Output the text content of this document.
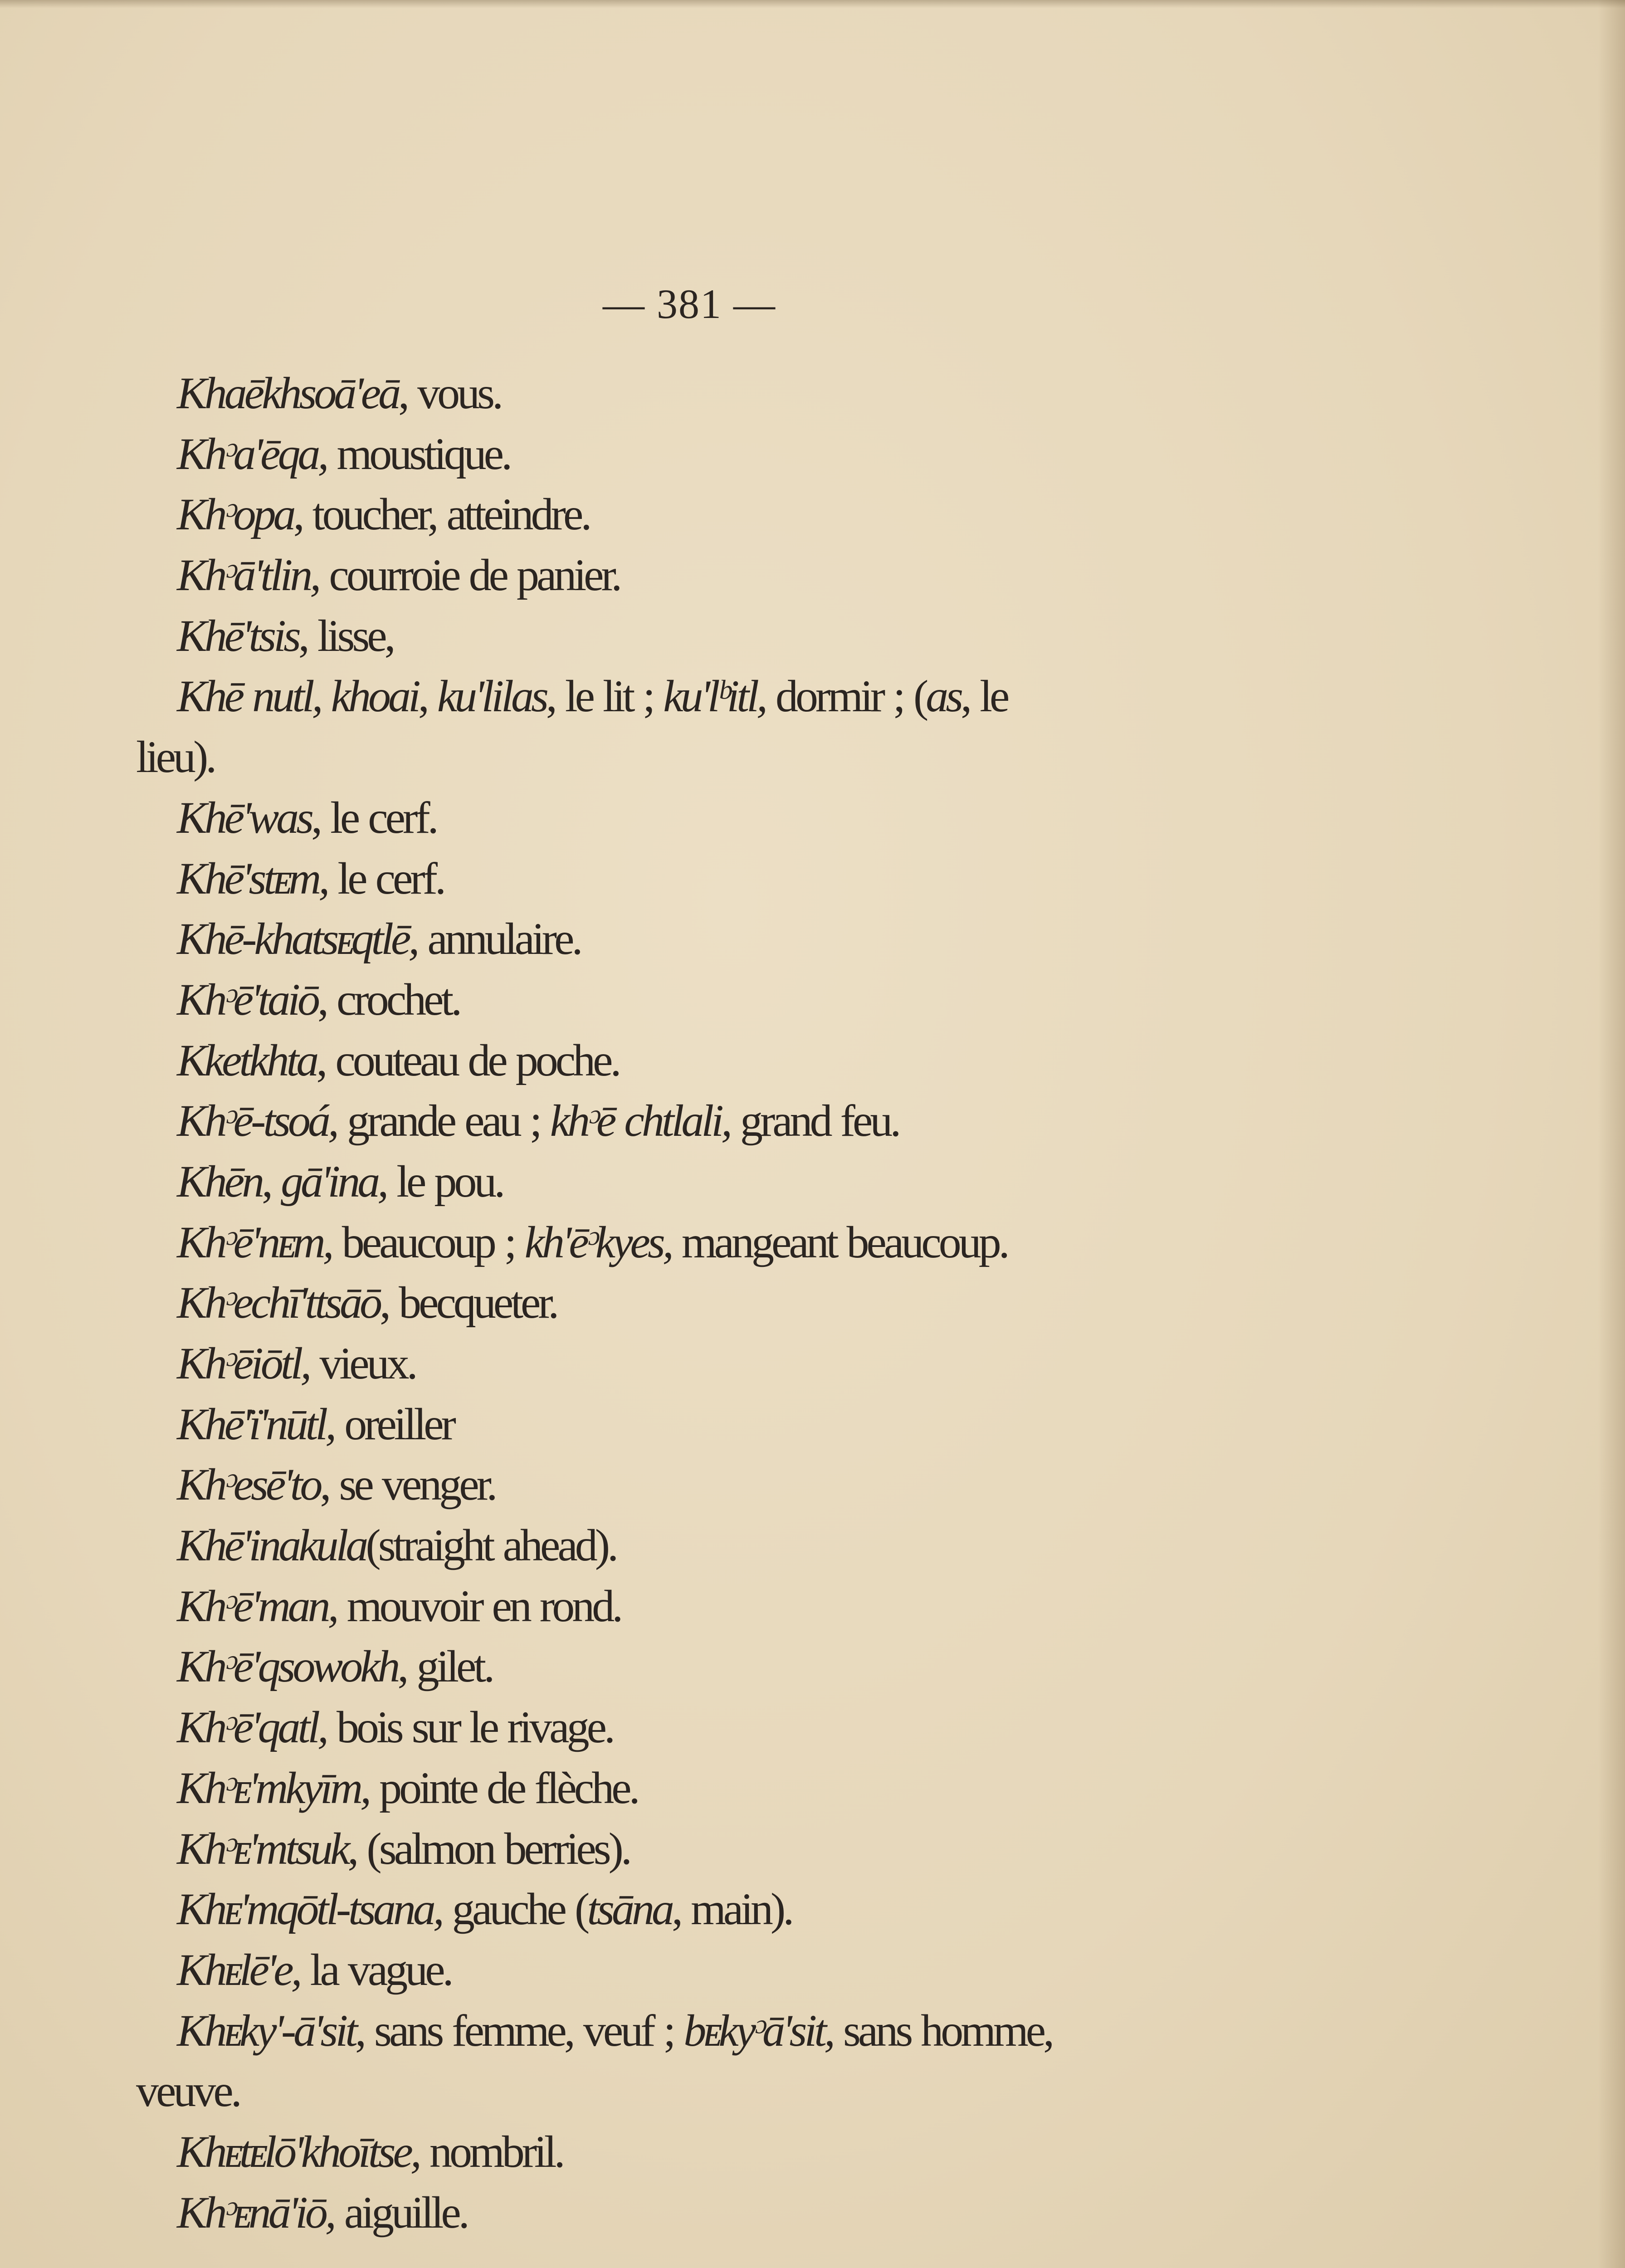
— 381 —
Khaēkhsoā'eā, vous.
Khᵓa'ēqa, moustique.
Khᵓopa, toucher, atteindre.
Khᵓā'tlin, courroie de panier.
Khē'tsis, lisse,
Khē nutl, khoai, ku'lilas, le lit ; ku'lᵇitl, dormir ; (as, le
lieu).
Khē'was, le cerf.
Khē'stᴇm, le cerf.
Khē-khatsᴇqtlē, annulaire.
Khᵓē'taiō, crochet.
Kketkhta, couteau de poche.
Khᵓē-tsoá, grande eau ; khᵓē chtlali, grand feu.
Khēn, gā'ina, le pou.
Khᵓē'nᴇm, beaucoup ; kh'ēᵓkyes, mangeant beaucoup.
Khᵓechī'ttsāō, becqueter.
Khᵓēiōtl, vieux.
Khē'ï'nūtl, oreiller
Khᵓesē'to, se venger.
Khē'inakula(straight ahead).
Khᵓē'man, mouvoir en rond.
Khᵓē'qsowokh, gilet.
Khᵓē'qatl, bois sur le rivage.
Khᵓᴇ'mkyīm, pointe de flèche.
Khᵓᴇ'mtsuk, (salmon berries).
Khᴇ'mqōtl-tsana, gauche (tsāna, main).
Khᴇlē'e, la vague.
Khᴇky'-ā'sit, sans femme, veuf ; bᴇkyᵓā'sit, sans homme,
veuve.
Khᴇtᴇlō'khoītse, nombril.
Khᵓᴇnā'iō, aiguille.
